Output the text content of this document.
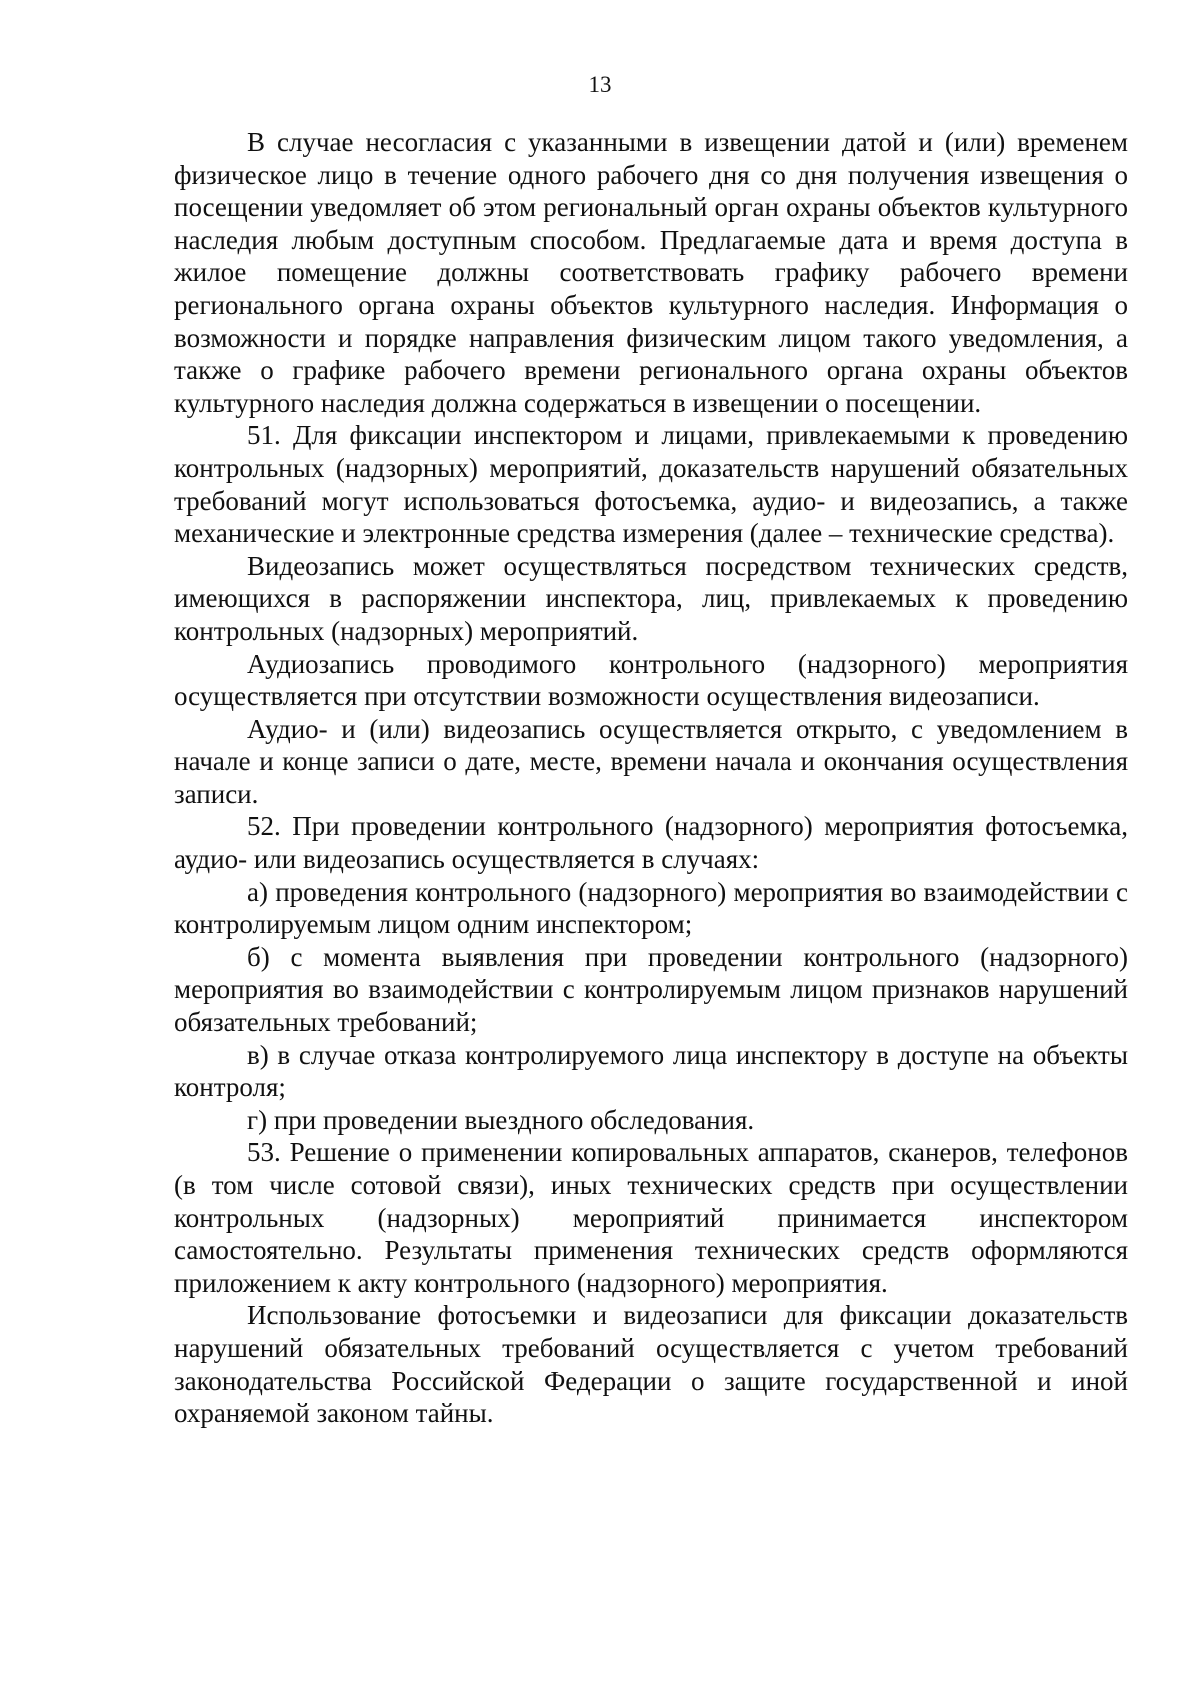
13

В случае несогласия с указанными в извещении датой и (или) временем физическое лицо в течение одного рабочего дня со дня получения извещения о посещении уведомляет об этом региональный орган охраны объектов культурного наследия любым доступным способом. Предлагаемые дата и время доступа в жилое помещение должны соответствовать графику рабочего времени регионального органа охраны объектов культурного наследия. Информация о возможности и порядке направления физическим лицом такого уведомления, а также о графике рабочего времени регионального органа охраны объектов культурного наследия должна содержаться в извещении о посещении.

51. Для фиксации инспектором и лицами, привлекаемыми к проведению контрольных (надзорных) мероприятий, доказательств нарушений обязательных требований могут использоваться фотосъемка, аудио- и видеозапись, а также механические и электронные средства измерения (далее – технические средства).

Видеозапись может осуществляться посредством технических средств, имеющихся в распоряжении инспектора, лиц, привлекаемых к проведению контрольных (надзорных) мероприятий.

Аудиозапись проводимого контрольного (надзорного) мероприятия осуществляется при отсутствии возможности осуществления видеозаписи.

Аудио- и (или) видеозапись осуществляется открыто, с уведомлением в начале и конце записи о дате, месте, времени начала и окончания осуществления записи.

52. При проведении контрольного (надзорного) мероприятия фотосъемка, аудио- или видеозапись осуществляется в случаях:

а) проведения контрольного (надзорного) мероприятия во взаимодействии с контролируемым лицом одним инспектором;

б) с момента выявления при проведении контрольного (надзорного) мероприятия во взаимодействии с контролируемым лицом признаков нарушений обязательных требований;

в) в случае отказа контролируемого лица инспектору в доступе на объекты контроля;

г) при проведении выездного обследования.

53. Решение о применении копировальных аппаратов, сканеров, телефонов (в том числе сотовой связи), иных технических средств при осуществлении контрольных (надзорных) мероприятий принимается инспектором самостоятельно. Результаты применения технических средств оформляются приложением к акту контрольного (надзорного) мероприятия.

Использование фотосъемки и видеозаписи для фиксации доказательств нарушений обязательных требований осуществляется с учетом требований законодательства Российской Федерации о защите государственной и иной охраняемой законом тайны.
